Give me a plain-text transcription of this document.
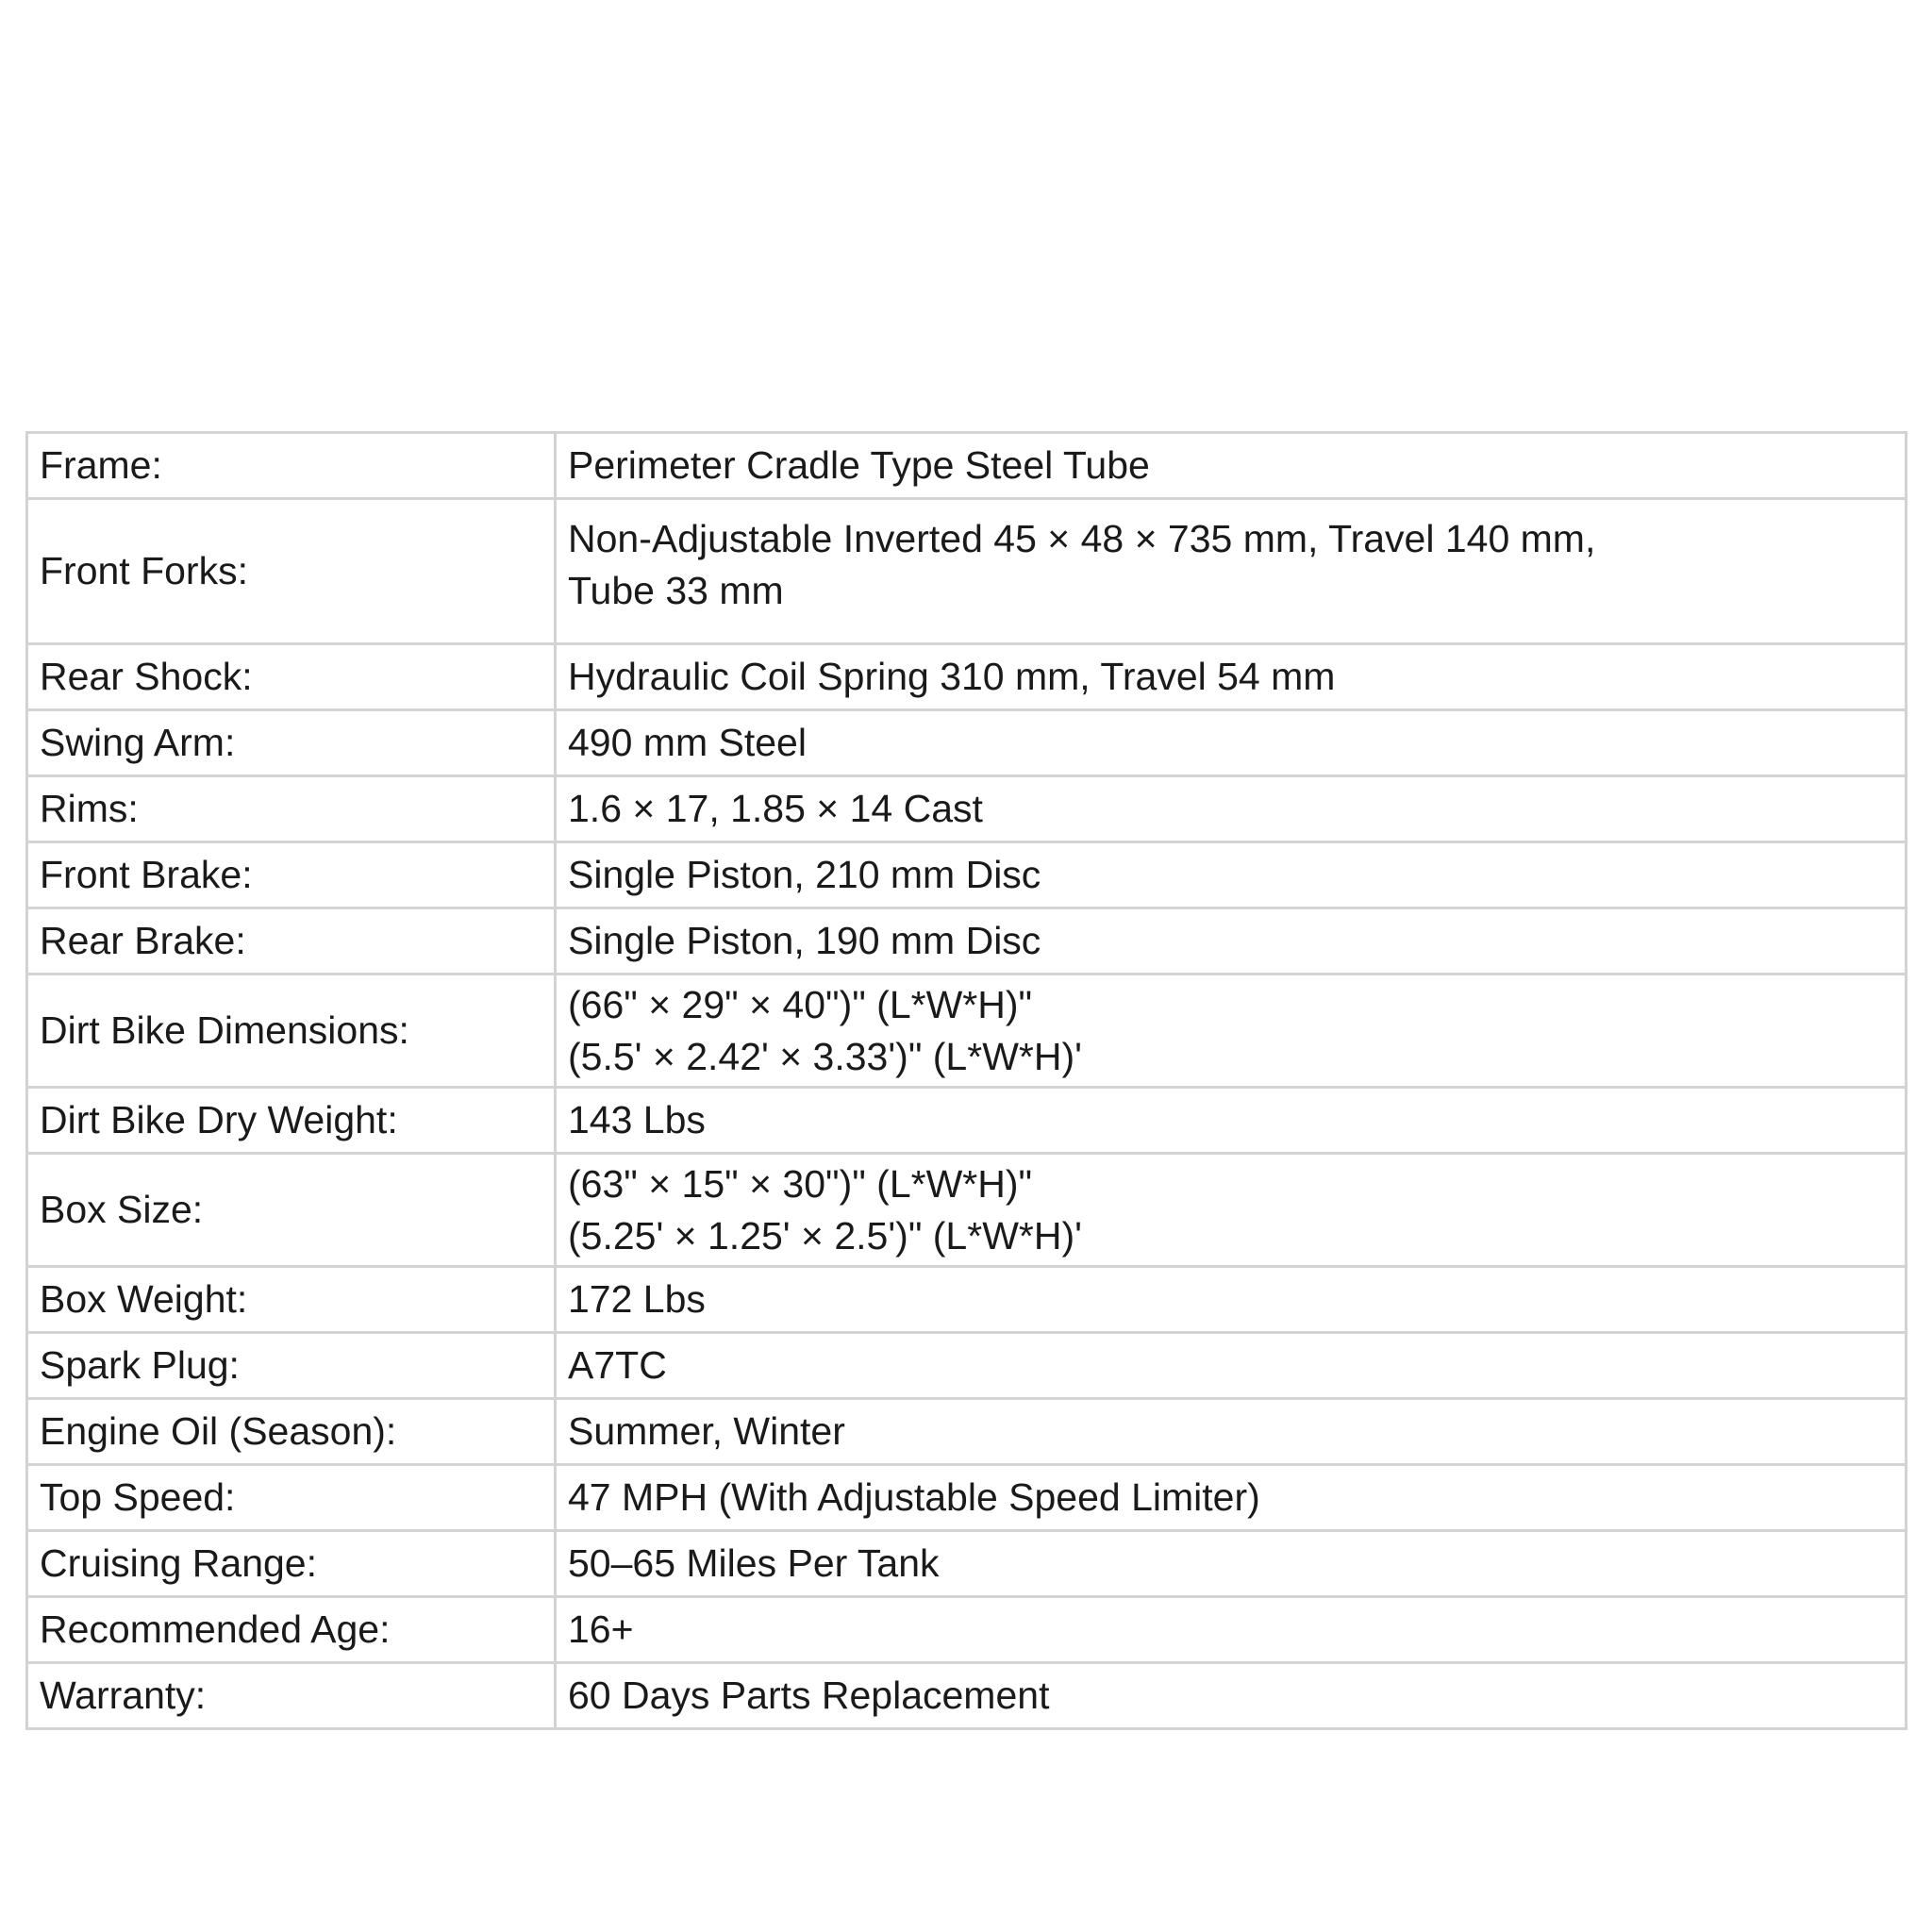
Frame:	Perimeter Cradle Type Steel Tube

Front Forks:	Non-Adjustable Inverted 45 × 48 × 735 mm, Travel 140 mm,
Tube 33 mm

Rear Shock:	Hydraulic Coil Spring 310 mm, Travel 54 mm

Swing Arm:	490 mm Steel

Rims:	1.6 × 17, 1.85 × 14 Cast

Front Brake:	Single Piston, 210 mm Disc

Rear Brake:	Single Piston, 190 mm Disc

Dirt Bike Dimensions:	(66" × 29" × 40")" (L*W*H)"
(5.5' × 2.42' × 3.33')" (L*W*H)'

Dirt Bike Dry Weight:	143 Lbs

Box Size:	(63" × 15" × 30")" (L*W*H)"
(5.25' × 1.25' × 2.5')" (L*W*H)'

Box Weight:	172 Lbs

Spark Plug:	A7TC

Engine Oil (Season):	Summer, Winter

Top Speed:	47 MPH (With Adjustable Speed Limiter)

Cruising Range:	50–65 Miles Per Tank

Recommended Age:	16+

Warranty:	60 Days Parts Replacement
